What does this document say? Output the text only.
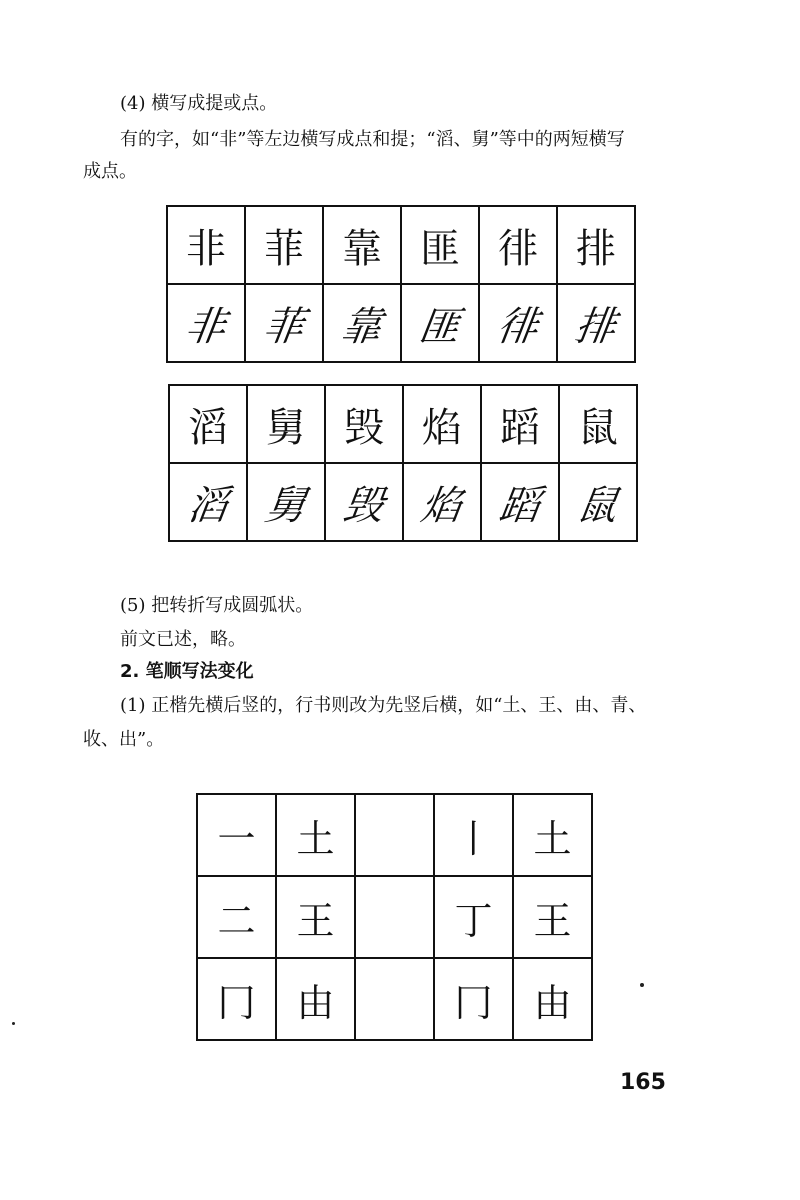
(4) 横写成提或点。
有的字，如“非”等左边横写成点和提；“滔、舅”等中的两短横写
成点。
非	菲	靠	匪	徘	排
非	菲	靠	匪	徘	排
滔	舅	毁	焰	蹈	鼠
滔	舅	毁	焰	蹈	鼠
(5) 把转折写成圆弧状。
前文已述，略。
2. 笔顺写法变化
(1) 正楷先横后竖的，行书则改为先竖后横，如“土、王、由、青、
收、出”。
一	土		丨	土
二	王		丁	王
冂	由		冂	由
165
